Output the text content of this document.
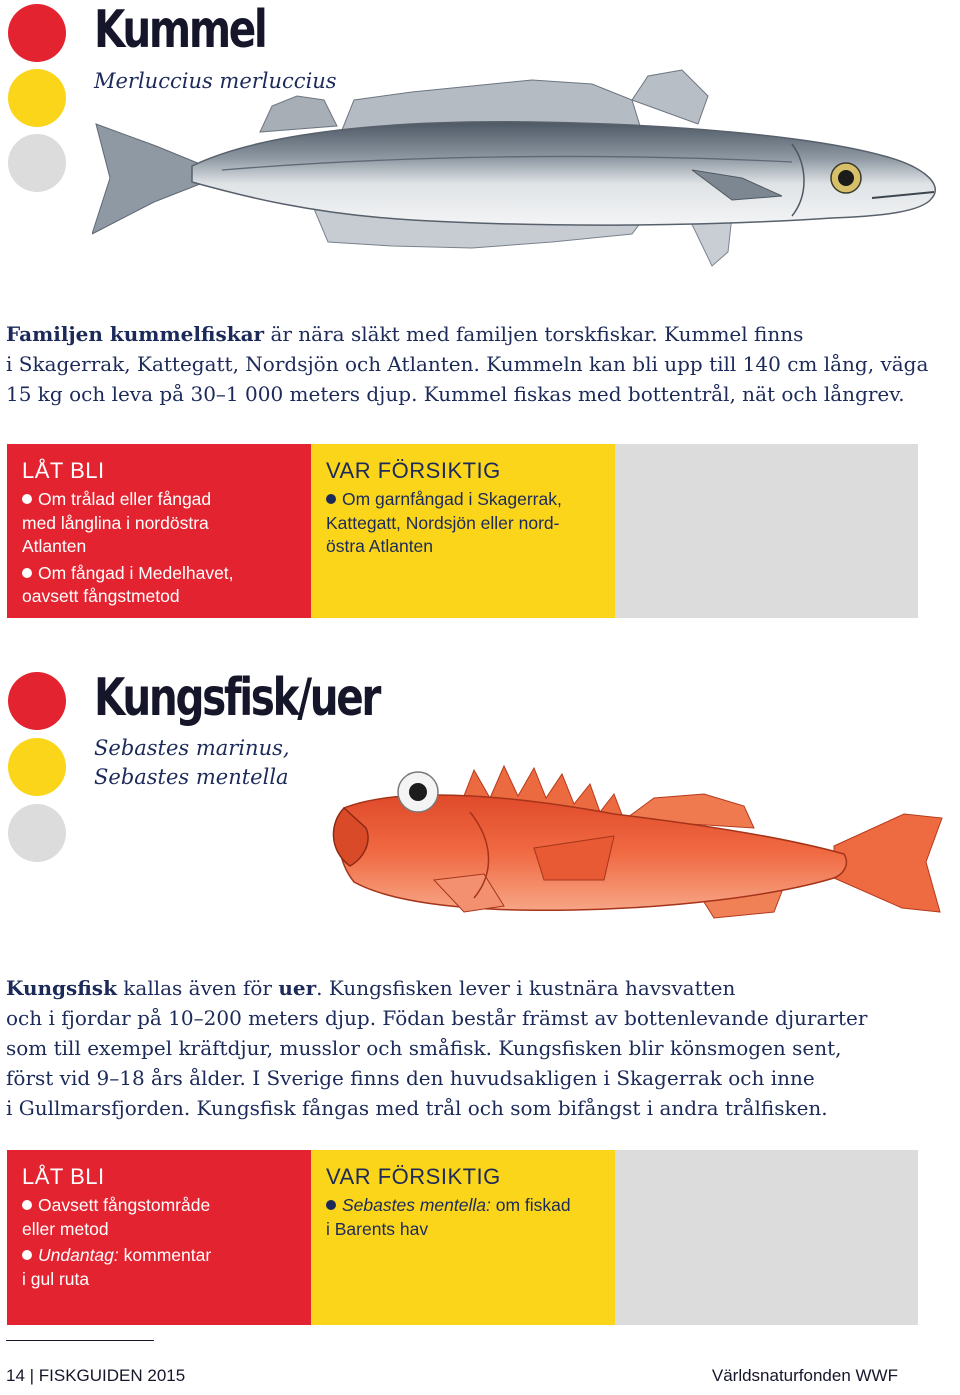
Kummel
Merluccius merluccius
Familjen kummelfiskar är nära släkt med familjen torskfiskar. Kummel finns
i Skagerrak, Kattegatt, Nordsjön och Atlanten. Kummeln kan bli upp till 140 cm lång, väga
15 kg och leva på 30–1 000 meters djup. Kummel fiskas med bottentrål, nät och långrev.
LÅT BLI
Om trålad eller fångad
med långlina i nordöstra
Atlanten
Om fångad i Medelhavet,
oavsett fångstmetod
VAR FÖRSIKTIG
Om garnfångad i Skagerrak,
Kattegatt, Nordsjön eller nord-
östra Atlanten
Kungsfisk/uer
Sebastes marinus,
Sebastes mentella
Kungsfisk kallas även för uer. Kungsfisken lever i kustnära havsvatten
och i fjordar på 10–200 meters djup. Födan består främst av bottenlevande djurarter
som till exempel kräftdjur, musslor och småfisk. Kungsfisken blir könsmogen sent,
först vid 9–18 års ålder. I Sverige finns den huvudsakligen i Skagerrak och inne
i Gullmarsfjorden. Kungsfisk fångas med trål och som bifångst i andra trålfisken.
LÅT BLI
Oavsett fångstområde
eller metod
Undantag: kommentar
i gul ruta
VAR FÖRSIKTIG
Sebastes mentella: om fiskad
i Barents hav
14 | FISKGUIDEN 2015	Världsnaturfonden WWF
